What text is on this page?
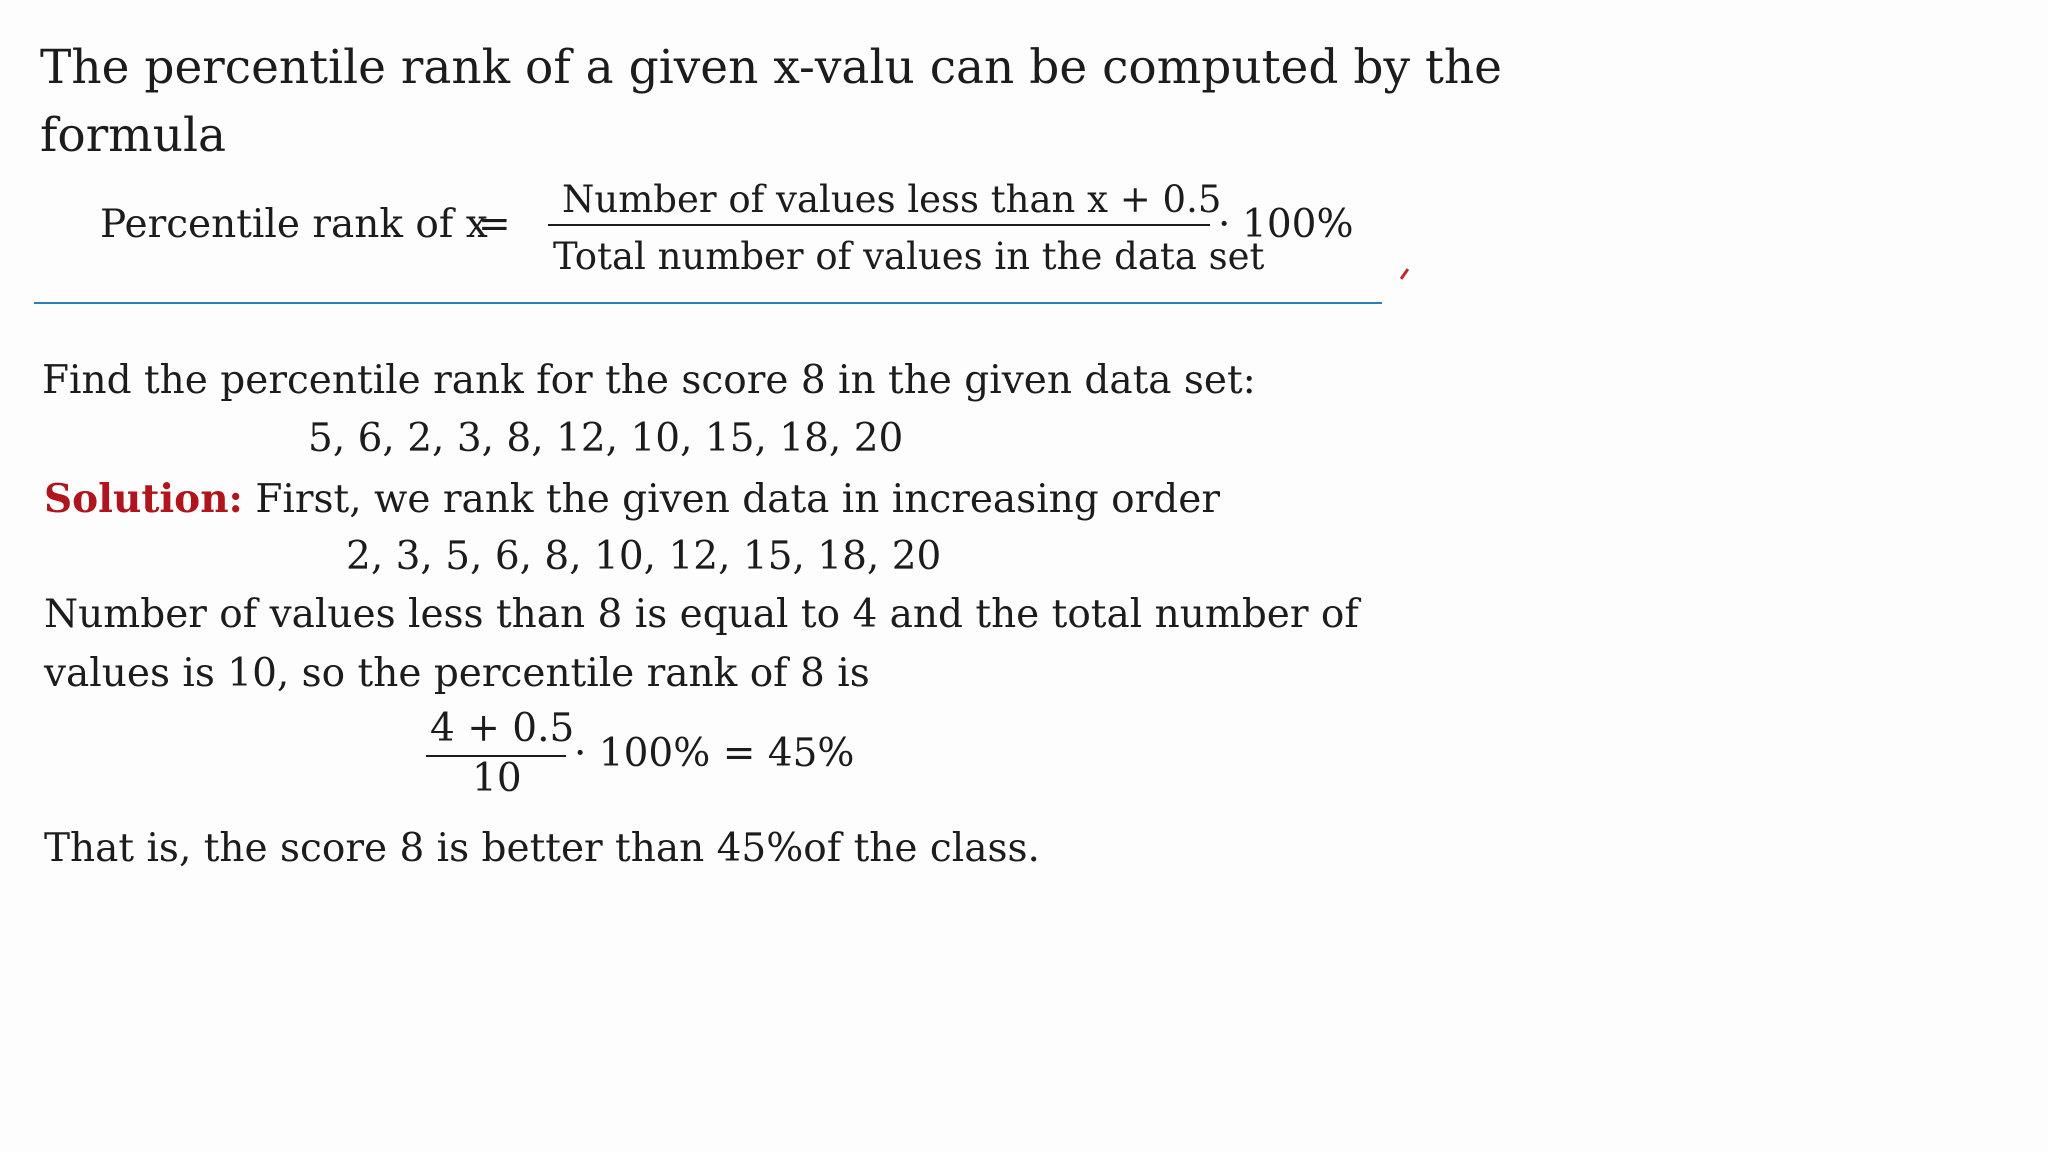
The percentile rank of a given x-valu can be computed by the
formula
Percentile rank of x
=
Number of values less than x + 0.5
Total number of values in the data set
· 100%
Find the percentile rank for the score 8 in the given data set:
5, 6, 2, 3, 8, 12, 10, 15, 18, 20
Solution: First, we rank the given data in increasing order
2, 3, 5, 6, 8, 10, 12, 15, 18, 20
Number of values less than 8 is equal to 4 and the total number of
values is 10, so the percentile rank of 8 is
4 + 0.5
10
· 100% = 45%
That is, the score 8 is better than 45%of the class.
